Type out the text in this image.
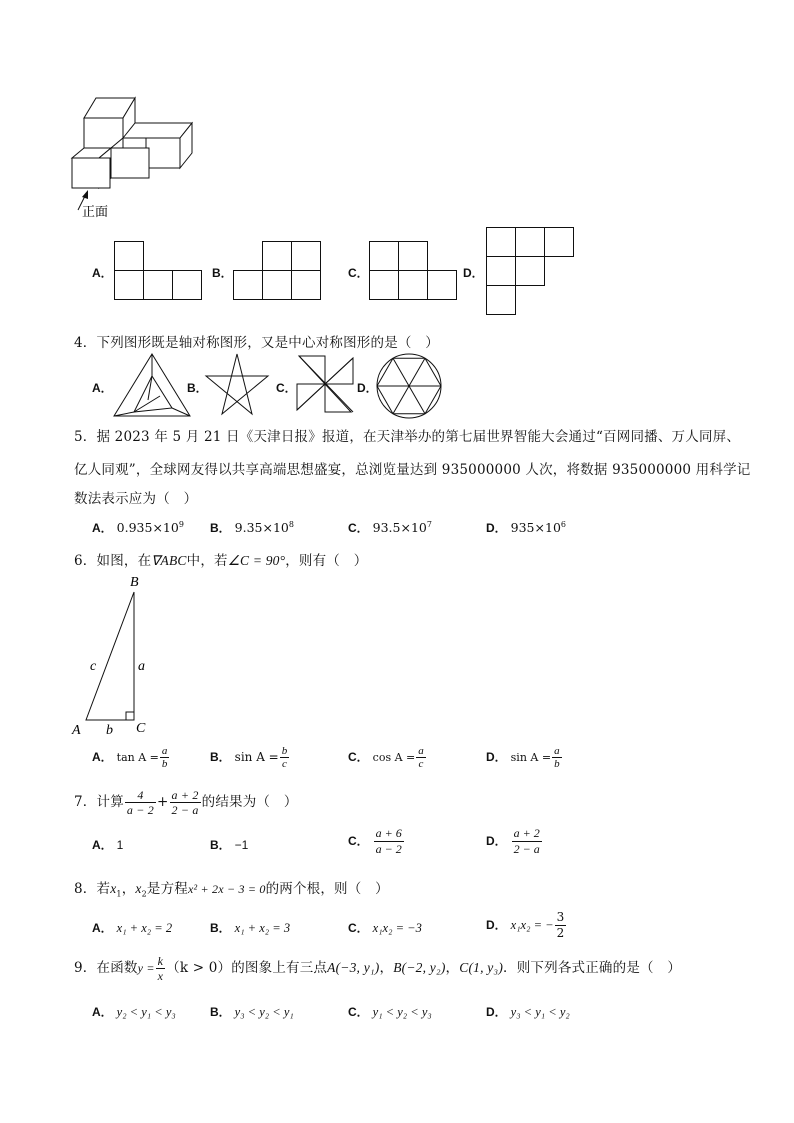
正面
A．	B．	C．	D．
4．下列图形既是轴对称图形，又是中心对称图形的是（　）
A．	B．	C．	D．
5．据 2023 年 5 月 21 日《天津日报》报道，在天津举办的第七届世界智能大会通过“百网同播、万人同屏、
亿人同观”，全球网友得以共享高端思想盛宴，总浏览量达到 935000000 人次，将数据 935000000 用科学记
数法表示应为（　）
A． $0.935\times 10^9$ B． $9.35\times 10^8$	C． $93.5\times 10^7$	D． $935\times 10^6$
6．如图，在∇ABC中，若∠C = 90°，则有（　）
B
A	C
a
b
c
A． $\tan A = \frac{a}{b}$	B． $\sin A = \frac{b}{c}$	C． $\cos A = \frac{a}{c}$	D． $\sin A = \frac{a}{b}$
7．计算 $\frac{4}{a - 2} + \frac{a + 2}{2 - a}$ 的结果为（　）
A． 1	B． −1	C． $\frac{a + 6}{a - 2}$	D． $\frac{a + 2}{2 - a}$
8．若$x_1$，$x_2$是方程x² + 2x − 3 = 0的两个根，则（　）
A． x₁ + x₂ = 2	B． x₁ + x₂ = 3	C． x₁x₂ = −3	D． x₁x₂ = − $\frac{3}{2}$
9．在函数$y = \frac{k}{x} (k > 0)$的图象上有三点A(−3, y₁)，B(−2, y₂)，C(1, y₃)．则下列各式正确的是（　）
A． y₂ < y₁ < y₃	B． y₃ < y₂ < y₁	C． y₁ < y₂ < y₃	D． y₃ < y₁ < y₂
